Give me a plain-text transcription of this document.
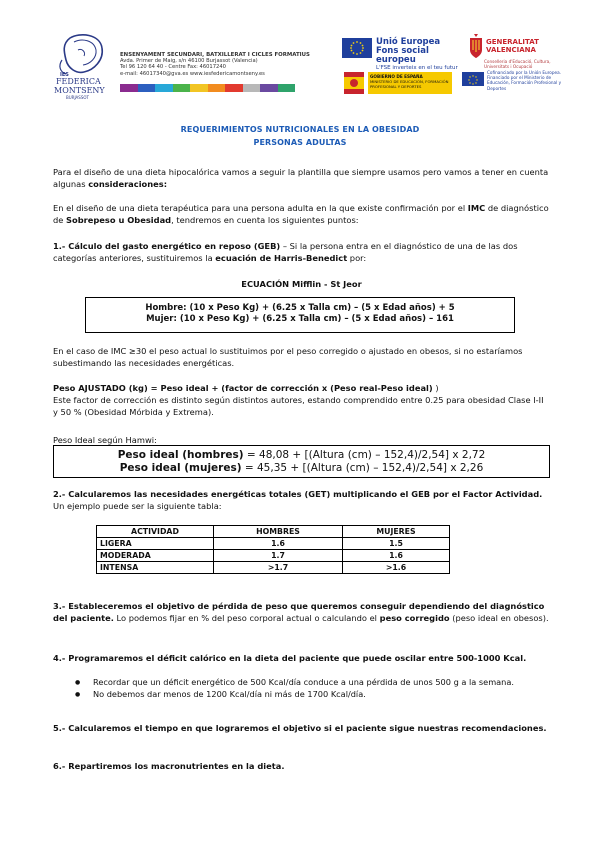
IES
FEDERICA
MONTSENY
BURJASSOT
ENSENYAMENT SECUNDARI, BATXILLERAT I CICLES FORMATIUS
Avda. Primer de Maig, s/n 46100 Burjassot (Valencia)
Tel 96 120 64 40 - Centre Fax: 46017240
e-mail: 46017340@gva.es www.iesfedericamontseny.es
Unió Europea
Fons social europeu
L'FSE inverteix en el teu futur
GENERALITAT
VALENCIANA
Conselleria d'Educació, Cultura, Universitats i Ocupació
GOBIERNO DE ESPAÑA
MINISTERIO DE EDUCACIÓN, FORMACIÓN PROFESIONAL Y DEPORTES
Cofinanciado por la Unión Europea. Financiado por el Ministerio de Educación, Formación Profesional y Deportes
REQUERIMIENTOS NUTRICIONALES EN LA OBESIDAD
PERSONAS ADULTAS
Para el diseño de una dieta hipocalórica vamos a seguir la plantilla que siempre usamos pero vamos a tener en cuenta algunas consideraciones:
En el diseño de una dieta terapéutica para una persona adulta en la que existe confirmación por el IMC de diagnóstico de Sobrepeso u Obesidad, tendremos en cuenta los siguientes puntos:
1.- Cálculo del gasto energético en reposo (GEB) – Si la persona entra en el diagnóstico de una de las dos categorías anteriores, sustituiremos la ecuación de Harris-Benedict por:
ECUACIÓN Mifflin - St Jeor
Hombre: (10 x Peso Kg) + (6.25 x Talla cm) – (5 x Edad años) + 5
Mujer: (10 x Peso Kg) + (6.25 x Talla cm) – (5 x Edad años) – 161
En el caso de IMC ≥30 el peso actual lo sustituimos por el peso corregido o ajustado en obesos, si no estaríamos subestimando las necesidades energéticas.
Peso AJUSTADO (kg) = Peso ideal + (factor de corrección x (Peso real-Peso ideal) )
Este factor de corrección es distinto según distintos autores, estando comprendido entre 0.25 para obesidad Clase I-II y 50 % (Obesidad Mórbida y Extrema).
Peso Ideal según Hamwi:
Peso ideal (hombres) = 48,08 + [(Altura (cm) – 152,4)/2,54] x 2,72
Peso ideal (mujeres) = 45,35 + [(Altura (cm) – 152,4)/2,54] x 2,26
2.- Calcularemos las necesidades energéticas totales (GET) multiplicando el GEB por el Factor Actividad. Un ejemplo puede ser la siguiente tabla:
ACTIVIDAD	HOMBRES	MUJERES
LIGERA	1.6	1.5
MODERADA	1.7	1.6
INTENSA	>1.7	>1.6
3.- Estableceremos el objetivo de pérdida de peso que queremos conseguir dependiendo del diagnóstico del paciente. Lo podemos fijar en % del peso corporal actual o calculando el peso corregido (peso ideal en obesos).
4.- Programaremos el déficit calórico en la dieta del paciente que puede oscilar entre 500-1000 Kcal.
● Recordar que un déficit energético de 500 Kcal/día conduce a una pérdida de unos 500 g a la semana.
● No debemos dar menos de 1200 Kcal/día ni más de 1700 Kcal/día.
5.- Calcularemos el tiempo en que lograremos el objetivo si el paciente sigue nuestras recomendaciones.
6.- Repartiremos los macronutrientes en la dieta.
